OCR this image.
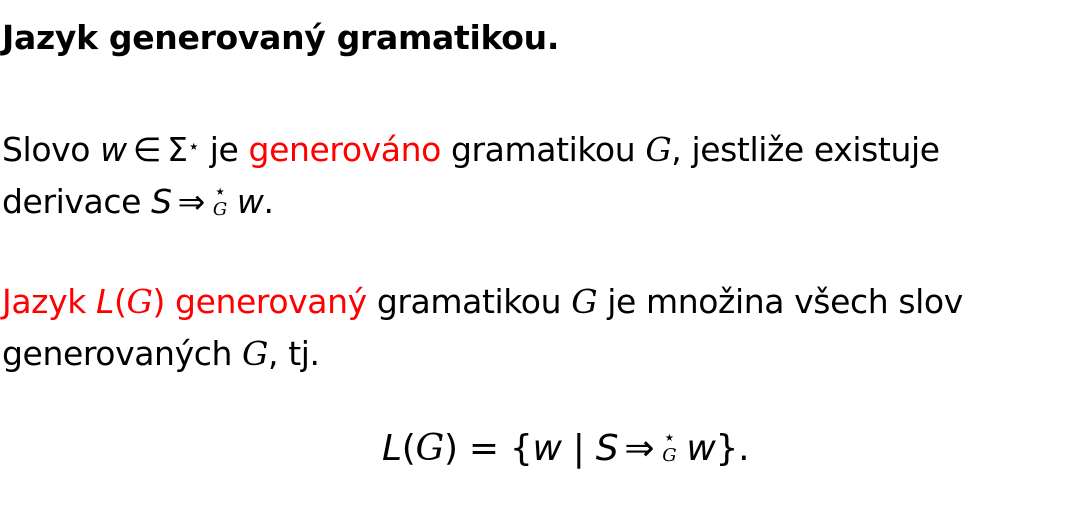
Jazyk generovaný gramatikou.
Slovo w ∈ Σ⋆ je generováno gramatikou G, jestliže existuje
derivace S ⇒ ⋆
G w.
Jazyk L(G) generovaný gramatikou G je množina všech slov
generovaných G, tj.
L(G) = {w | S ⇒ ⋆
G w}.
